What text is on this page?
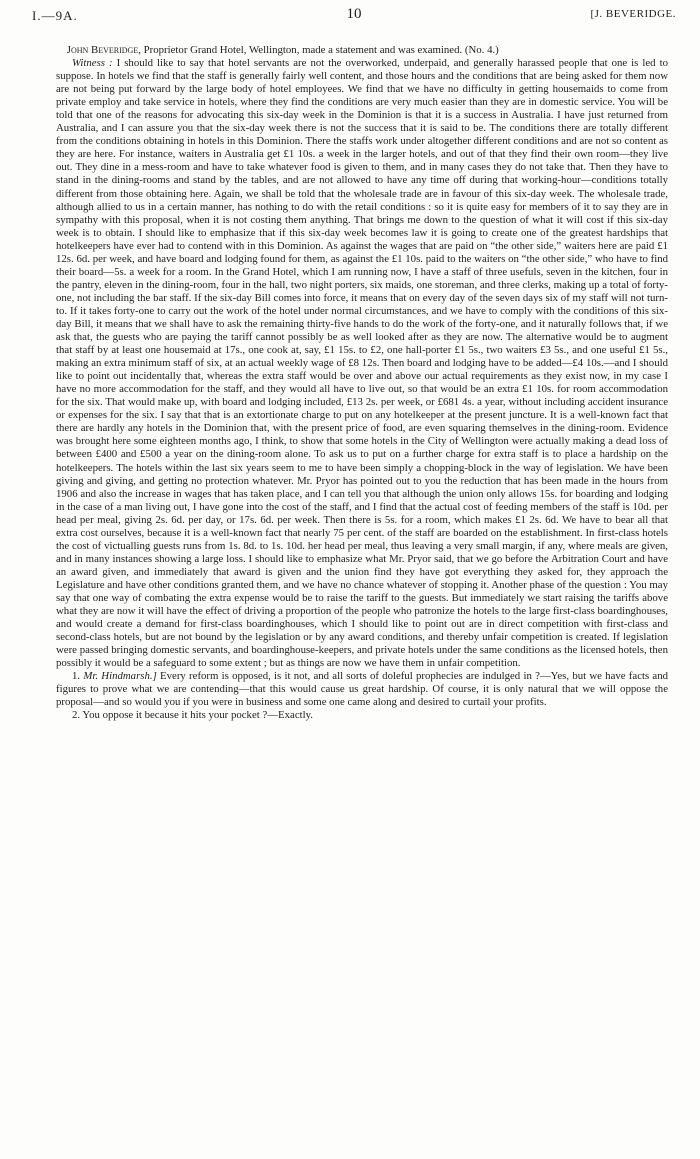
I.—9A.	10	[J. BEVERIDGE.

 John Beveridge, Proprietor Grand Hotel, Wellington, made a statement and was examined. (No. 4.)

Witness : I should like to say that hotel servants are not the overworked, underpaid, and generally harassed people that one is led to suppose. In hotels we find that the staff is generally fairly well content, and those hours and the conditions that are being asked for them now are not being put forward by the large body of hotel employees. We find that we have no difficulty in getting housemaids to come from private employ and take service in hotels, where they find the conditions are very much easier than they are in domestic service. You will be told that one of the reasons for advocating this six-day week in the Dominion is that it is a success in Australia. I have just returned from Australia, and I can assure you that the six-day week there is not the success that it is said to be. The conditions there are totally different from the conditions obtaining in hotels in this Dominion. There the staffs work under altogether different conditions and are not so content as they are here. For instance, waiters in Australia get £1 10s. a week in the larger hotels, and out of that they find their own room—they live out. They dine in a mess-room and have to take whatever food is given to them, and in many cases they do not take that. Then they have to stand in the dining-rooms and stand by the tables, and are not allowed to have any time off during that working-hour—conditions totally different from those obtaining here. Again, we shall be told that the wholesale trade are in favour of this six-day week. The wholesale trade, although allied to us in a certain manner, has nothing to do with the retail conditions : so it is quite easy for members of it to say they are in sympathy with this proposal, when it is not costing them anything. That brings me down to the question of what it will cost if this six-day week is to obtain. I should like to emphasize that if this six-day week becomes law it is going to create one of the greatest hardships that hotelkeepers have ever had to contend with in this Dominion. As against the wages that are paid on “the other side,” waiters here are paid £1 12s. 6d. per week, and have board and lodging found for them, as against the £1 10s. paid to the waiters on “the other side,” who have to find their board—5s. a week for a room. In the Grand Hotel, which I am running now, I have a staff of three usefuls, seven in the kitchen, four in the pantry, eleven in the dining-room, four in the hall, two night porters, six maids, one storeman, and three clerks, making up a total of forty-one, not including the bar staff. If the six-day Bill comes into force, it means that on every day of the seven days six of my staff will not turn-to. If it takes forty-one to carry out the work of the hotel under normal circumstances, and we have to comply with the conditions of this six-day Bill, it means that we shall have to ask the remaining thirty-five hands to do the work of the forty-one, and it naturally follows that, if we ask that, the guests who are paying the tariff cannot possibly be as well looked after as they are now. The alternative would be to augment that staff by at least one housemaid at 17s., one cook at, say, £1 15s. to £2, one hall-porter £1 5s., two waiters £3 5s., and one useful £1 5s., making an extra minimum staff of six, at an actual weekly wage of £8 12s. Then board and lodging have to be added—£4 10s.—and I should like to point out incidentally that, whereas the extra staff would be over and above our actual requirements as they exist now, in my case I have no more accommodation for the staff, and they would all have to live out, so that would be an extra £1 10s. for room accommodation for the six. That would make up, with board and lodging included, £13 2s. per week, or £681 4s. a year, without including accident insurance or expenses for the six. I say that that is an extortionate charge to put on any hotelkeeper at the present juncture. It is a well-known fact that there are hardly any hotels in the Dominion that, with the present price of food, are even squaring themselves in the dining-room. Evidence was brought here some eighteen months ago, I think, to show that some hotels in the City of Wellington were actually making a dead loss of between £400 and £500 a year on the dining-room alone. To ask us to put on a further charge for extra staff is to place a hardship on the hotelkeepers. The hotels within the last six years seem to me to have been simply a chopping-block in the way of legislation. We have been giving and giving, and getting no protection whatever. Mr. Pryor has pointed out to you the reduction that has been made in the hours from 1906 and also the increase in wages that has taken place, and I can tell you that although the union only allows 15s. for boarding and lodging in the case of a man living out, I have gone into the cost of the staff, and I find that the actual cost of feeding members of the staff is 10d. per head per meal, giving 2s. 6d. per day, or 17s. 6d. per week. Then there is 5s. for a room, which makes £1 2s. 6d. We have to bear all that extra cost ourselves, because it is a well-known fact that nearly 75 per cent. of the staff are boarded on the establishment. In first-class hotels the cost of victualling guests runs from 1s. 8d. to 1s. 10d. her head per meal, thus leaving a very small margin, if any, where meals are given, and in many instances showing a large loss. I should like to emphasize what Mr. Pryor said, that we go before the Arbitration Court and have an award given, and immediately that award is given and the union find they have got everything they asked for, they approach the Legislature and have other conditions granted them, and we have no chance whatever of stopping it. Another phase of the question : You may say that one way of combating the extra expense would be to raise the tariff to the guests. But immediately we start raising the tariffs above what they are now it will have the effect of driving a proportion of the people who patronize the hotels to the large first-class boardinghouses, and would create a demand for first-class boardinghouses, which I should like to point out are in direct competition with first-class and second-class hotels, but are not bound by the legislation or by any award conditions, and thereby unfair competition is created. If legislation were passed bringing domestic servants, and boardinghouse-keepers, and private hotels under the same conditions as the licensed hotels, then possibly it would be a safeguard to some extent ; but as things are now we have them in unfair competition.

1. Mr. Hindmarsh.] Every reform is opposed, is it not, and all sorts of doleful prophecies are indulged in ?—Yes, but we have facts and figures to prove what we are contending—that this would cause us great hardship. Of course, it is only natural that we will oppose the proposal—and so would you if you were in business and some one came along and desired to curtail your profits.

2. You oppose it because it hits your pocket ?—Exactly.
